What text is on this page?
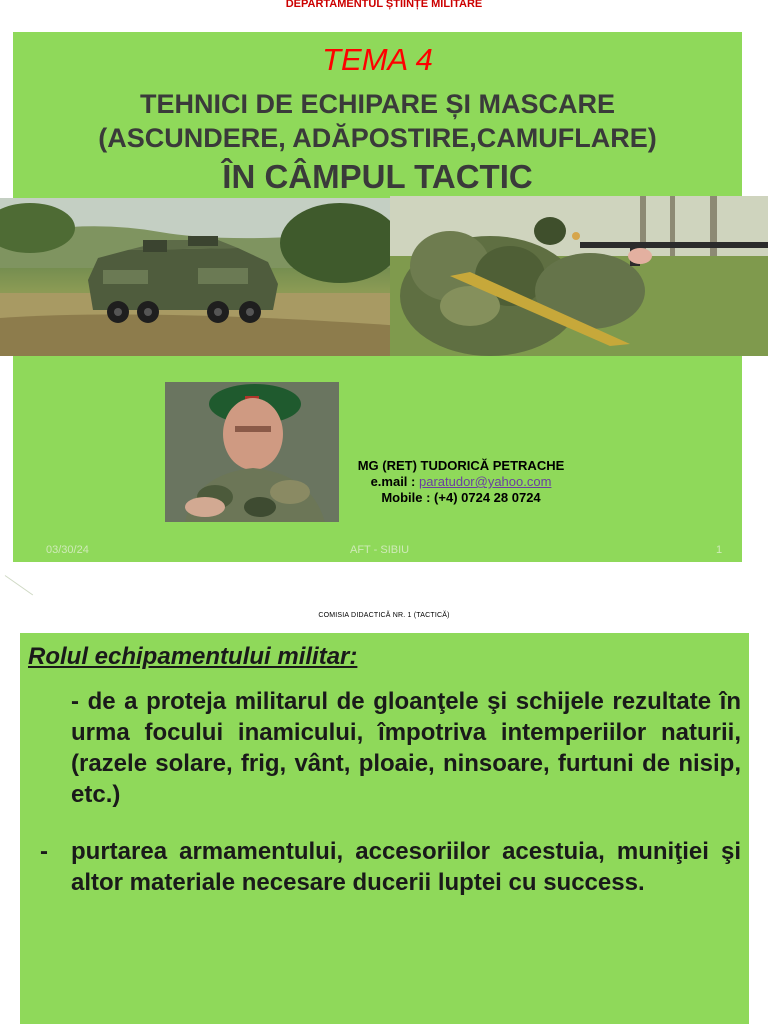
DEPARTAMENTUL ȘTIINȚE MILITARE
TEMA 4
TEHNICI DE ECHIPARE ȘI MASCARE
(ASCUNDERE, ADĂPOSTIRE,CAMUFLARE)
ÎN CÂMPUL TACTIC
MG (RET) TUDORICĂ PETRACHE
e.mail : paratudor@yahoo.com
Mobile : (+4) 0724 28 0724
03/30/24	AFT - SIBIU	1
COMISIA DIDACTICĂ NR. 1 (TACTICĂ)
Rolul echipamentului militar:
- de a proteja militarul de gloanţele şi schijele rezultate în urma focului inamicului, împotriva intemperiilor naturii, (razele solare, frig, vânt, ploaie, ninsoare, furtuni de nisip, etc.)
- purtarea armamentului, accesoriilor acestuia, muniţiei şi altor materiale necesare ducerii luptei cu success.
